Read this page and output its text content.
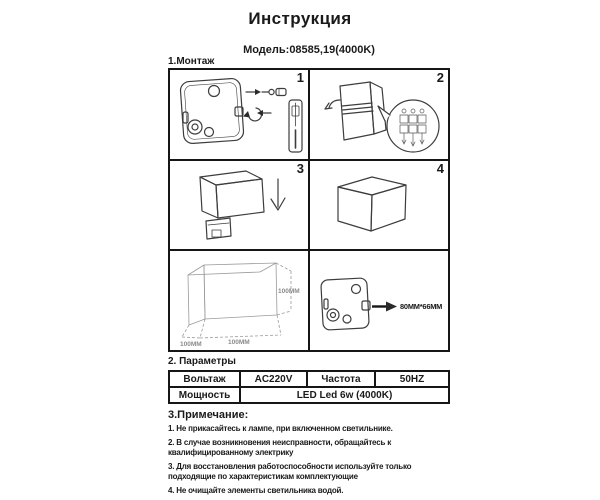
Инструкция

Модель:08585,19(4000K)

1.Монтаж

1	2

3	4

100MM 100MM
100MM	80MM*66MM

2. Параметры

Вольтаж	AC220V	Частота	50HZ
Мощность	LED Led 6w (4000K)		

3.Примечание:

1. Не прикасайтесь к лампе, при включенном светильнике.

2. В случае возникновения неисправности, обращайтесь к квалифицированному электрику

3. Для восстановления работоспособности используйте только подходящие по характеристикам комплектующие

4. Не очищайте элементы светильника водой.
